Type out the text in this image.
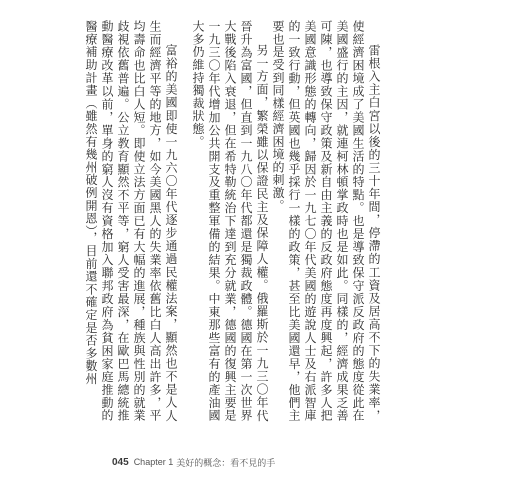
雷根入主白宮以後的三十年間，停滯的工資及居高不下的失業率，使經濟困境成了美國生活的特點。也是導致保守派反政府的態度從此在美國盛行的主因，就連柯林頓掌政時也是如此。同樣的，經濟成果乏善可陳，也導致保守政策及新自由主義的反政府態度再度興起，許多人把美國意識形態的轉向，歸因於一九七〇年代美國的遊說人士及右派智庫的一致行動，但英國也幾乎採行一樣的政策，甚至比美國還早，他們主要也是受到同樣經濟困境的刺激。

另一方面，繁榮雖以保證民主及保障人權。俄羅斯於一九三〇年代晉升為富國，但直到一九八〇年代都還是獨裁政體。德國在第一次世界大戰後陷入衰退，但在希特勒統治下達到充分就業，德國的復興主要是一九三〇年代增加公共開支及重整軍備的結果。中東那些富有的產油國大多仍維持獨裁狀態。

富裕的美國即使一九六〇年代逐步通過民權法案，顯然也不是人人生而經濟平等的地方，如今美國黑人的失業率依舊比白人高出許多，平均壽命也比白人短。即使立法方面已有大幅的進展，種族與性別的就業歧視依舊普遍。公立教育顯然不平等，窮人受害最深，在歐巴馬總統推動醫療改革以前，單身的窮人沒有資格加入聯邦政府為貧困家庭推動的醫療補助計畫（雖然有幾州破例開恩），目前還不確定是否多數州

045 Chapter 1 美好的概念：看不見的手
